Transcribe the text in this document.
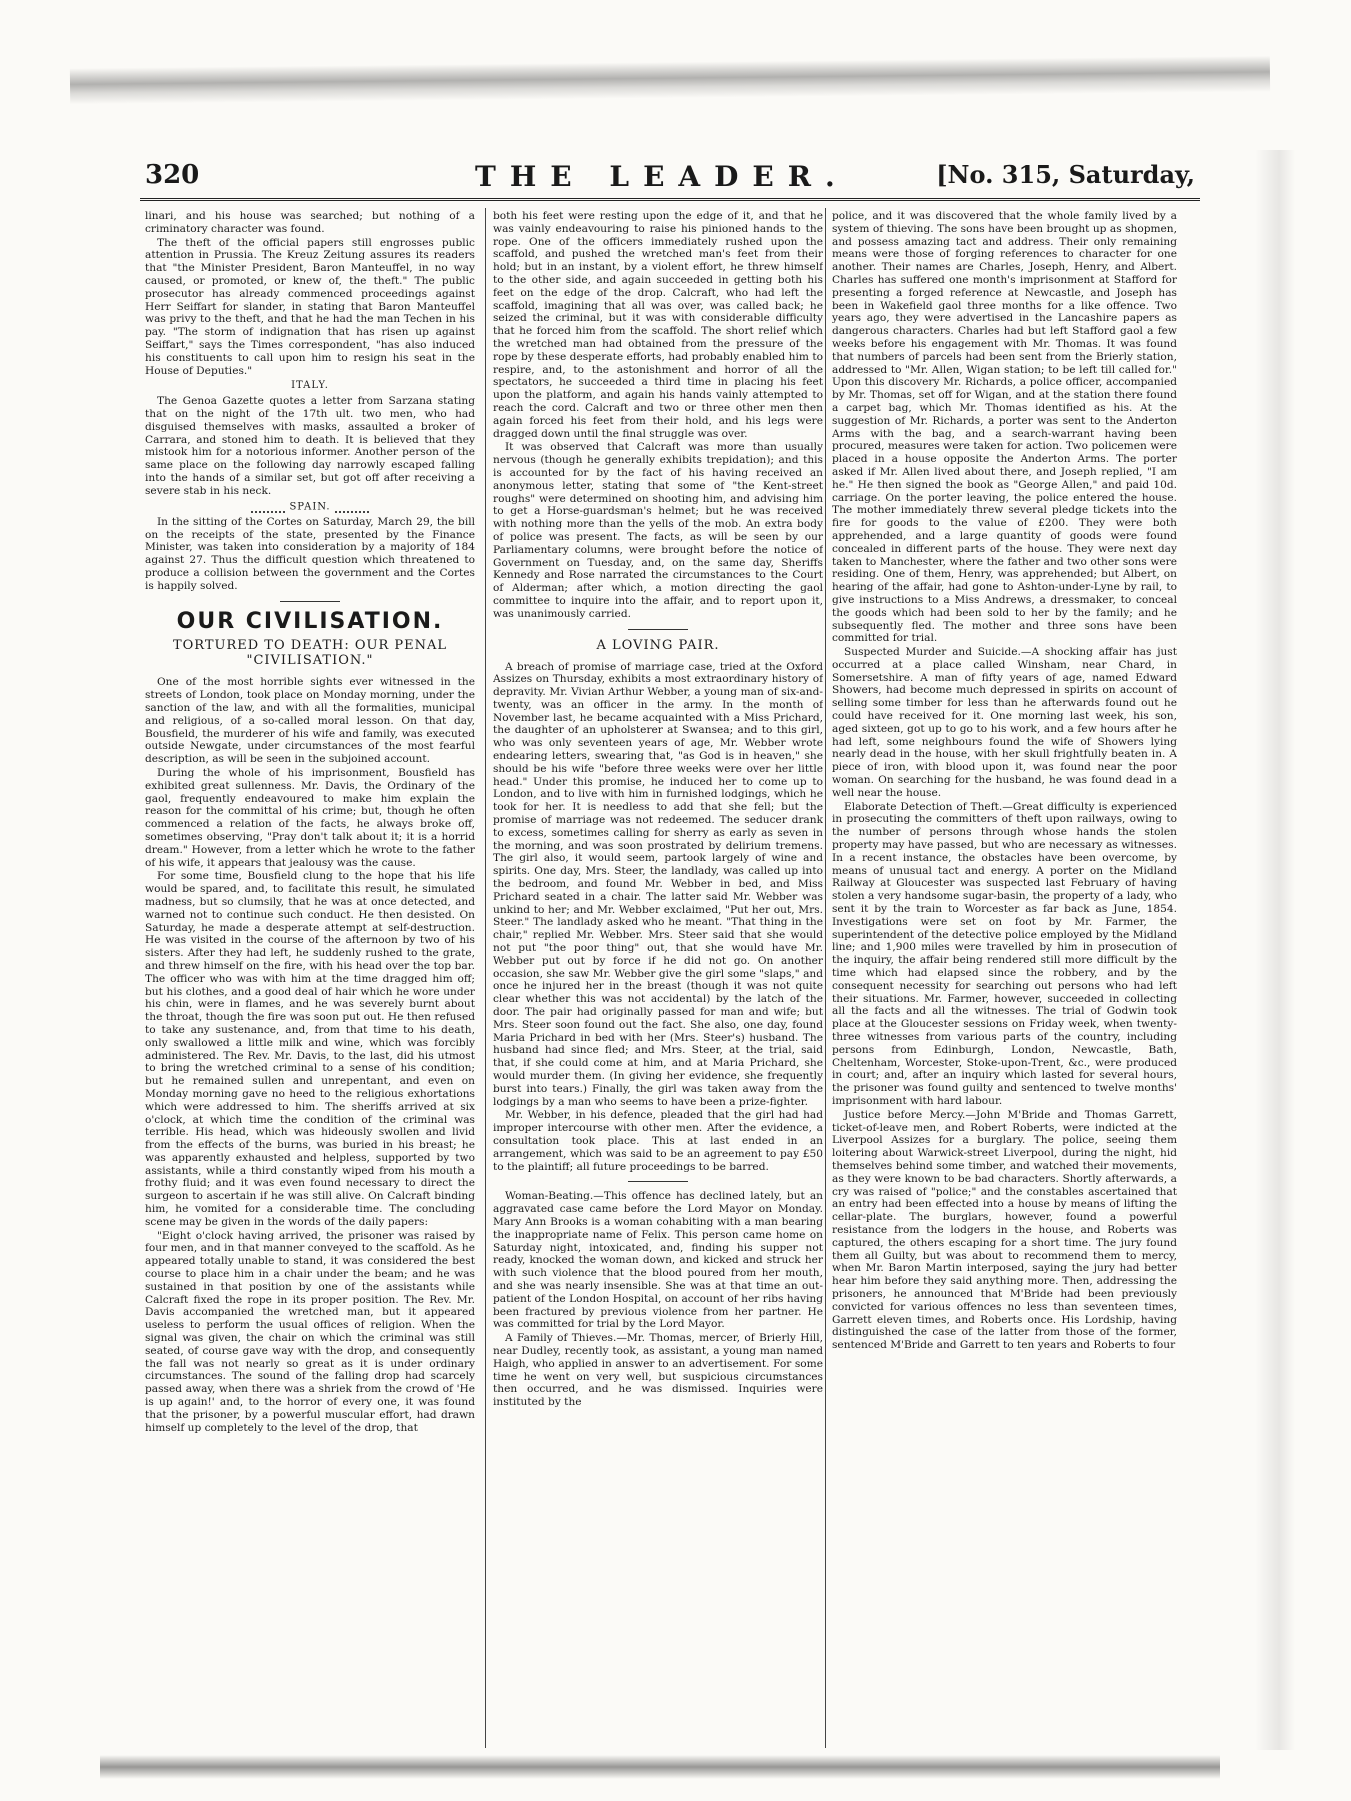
320	THE LEADER.	[No. 315, Saturday,

linari, and his house was searched; but nothing of a criminatory character was found.

The theft of the official papers still engrosses public attention in Prussia. The Kreuz Zeitung assures its readers that "the Minister President, Baron Manteuffel, in no way caused, or promoted, or knew of, the theft." The public prosecutor has already commenced proceedings against Herr Seiffart for slander, in stating that Baron Manteuffel was privy to the theft, and that he had the man Techen in his pay. "The storm of indignation that has risen up against Seiffart," says the Times correspondent, "has also induced his constituents to call upon him to resign his seat in the House of Deputies."

ITALY.

The Genoa Gazette quotes a letter from Sarzana stating that on the night of the 17th ult. two men, who had disguised themselves with masks, assaulted a broker of Carrara, and stoned him to death. It is believed that they mistook him for a notorious informer. Another person of the same place on the following day narrowly escaped falling into the hands of a similar set, but got off after receiving a severe stab in his neck.

SPAIN.

In the sitting of the Cortes on Saturday, March 29, the bill on the receipts of the state, presented by the Finance Minister, was taken into consideration by a majority of 184 against 27. Thus the difficult question which threatened to produce a collision between the government and the Cortes is happily solved.

OUR CIVILISATION.
TORTURED TO DEATH: OUR PENAL "CIVILISATION."

One of the most horrible sights ever witnessed in the streets of London, took place on Monday morning, under the sanction of the law, and with all the formalities, municipal and religious, of a so-called moral lesson. On that day, Bousfield, the murderer of his wife and family, was executed outside Newgate, under circumstances of the most fearful description, as will be seen in the subjoined account.

During the whole of his imprisonment, Bousfield has exhibited great sullenness. Mr. Davis, the Ordinary of the gaol, frequently endeavoured to make him explain the reason for the committal of his crime; but, though he often commenced a relation of the facts, he always broke off, sometimes observing, "Pray don't talk about it; it is a horrid dream." However, from a letter which he wrote to the father of his wife, it appears that jealousy was the cause.

For some time, Bousfield clung to the hope that his life would be spared, and, to facilitate this result, he simulated madness, but so clumsily, that he was at once detected, and warned not to continue such conduct. He then desisted. On Saturday, he made a desperate attempt at self-destruction. He was visited in the course of the afternoon by two of his sisters. After they had left, he suddenly rushed to the grate, and threw himself on the fire, with his head over the top bar. The officer who was with him at the time dragged him off; but his clothes, and a good deal of hair which he wore under his chin, were in flames, and he was severely burnt about the throat, though the fire was soon put out. He then refused to take any sustenance, and, from that time to his death, only swallowed a little milk and wine, which was forcibly administered. The Rev. Mr. Davis, to the last, did his utmost to bring the wretched criminal to a sense of his condition; but he remained sullen and unrepentant, and even on Monday morning gave no heed to the religious exhortations which were addressed to him. The sheriffs arrived at six o'clock, at which time the condition of the criminal was terrible. His head, which was hideously swollen and livid from the effects of the burns, was buried in his breast; he was apparently exhausted and helpless, supported by two assistants, while a third constantly wiped from his mouth a frothy fluid; and it was even found necessary to direct the surgeon to ascertain if he was still alive. On Calcraft binding him, he vomited for a considerable time. The concluding scene may be given in the words of the daily papers:

"Eight o'clock having arrived, the prisoner was raised by four men, and in that manner conveyed to the scaffold. As he appeared totally unable to stand, it was considered the best course to place him in a chair under the beam; and he was sustained in that position by one of the assistants while Calcraft fixed the rope in its proper position. The Rev. Mr. Davis accompanied the wretched man, but it appeared useless to perform the usual offices of religion. When the signal was given, the chair on which the criminal was still seated, of course gave way with the drop, and consequently the fall was not nearly so great as it is under ordinary circumstances. The sound of the falling drop had scarcely passed away, when there was a shriek from the crowd of 'He is up again!' and, to the horror of every one, it was found that the prisoner, by a powerful muscular effort, had drawn himself up completely to the level of the drop, that

both his feet were resting upon the edge of it, and that he was vainly endeavouring to raise his pinioned hands to the rope. One of the officers immediately rushed upon the scaffold, and pushed the wretched man's feet from their hold; but in an instant, by a violent effort, he threw himself to the other side, and again succeeded in getting both his feet on the edge of the drop. Calcraft, who had left the scaffold, imagining that all was over, was called back; he seized the criminal, but it was with considerable difficulty that he forced him from the scaffold. The short relief which the wretched man had obtained from the pressure of the rope by these desperate efforts, had probably enabled him to respire, and, to the astonishment and horror of all the spectators, he succeeded a third time in placing his feet upon the platform, and again his hands vainly attempted to reach the cord. Calcraft and two or three other men then again forced his feet from their hold, and his legs were dragged down until the final struggle was over.

It was observed that Calcraft was more than usually nervous (though he generally exhibits trepidation); and this is accounted for by the fact of his having received an anonymous letter, stating that some of "the Kent-street roughs" were determined on shooting him, and advising him to get a Horse-guardsman's helmet; but he was received with nothing more than the yells of the mob. An extra body of police was present. The facts, as will be seen by our Parliamentary columns, were brought before the notice of Government on Tuesday, and, on the same day, Sheriffs Kennedy and Rose narrated the circumstances to the Court of Alderman; after which, a motion directing the gaol committee to inquire into the affair, and to report upon it, was unanimously carried.

A LOVING PAIR.

A breach of promise of marriage case, tried at the Oxford Assizes on Thursday, exhibits a most extraordinary history of depravity. Mr. Vivian Arthur Webber, a young man of six-and-twenty, was an officer in the army. In the month of November last, he became acquainted with a Miss Prichard, the daughter of an upholsterer at Swansea; and to this girl, who was only seventeen years of age, Mr. Webber wrote endearing letters, swearing that, "as God is in heaven," she should be his wife "before three weeks were over her little head." Under this promise, he induced her to come up to London, and to live with him in furnished lodgings, which he took for her. It is needless to add that she fell; but the promise of marriage was not redeemed. The seducer drank to excess, sometimes calling for sherry as early as seven in the morning, and was soon prostrated by delirium tremens. The girl also, it would seem, partook largely of wine and spirits. One day, Mrs. Steer, the landlady, was called up into the bedroom, and found Mr. Webber in bed, and Miss Prichard seated in a chair. The latter said Mr. Webber was unkind to her; and Mr. Webber exclaimed, "Put her out, Mrs. Steer." The landlady asked who he meant. "That thing in the chair," replied Mr. Webber. Mrs. Steer said that she would not put "the poor thing" out, that she would have Mr. Webber put out by force if he did not go. On another occasion, she saw Mr. Webber give the girl some "slaps," and once he injured her in the breast (though it was not quite clear whether this was not accidental) by the latch of the door. The pair had originally passed for man and wife; but Mrs. Steer soon found out the fact. She also, one day, found Maria Prichard in bed with her (Mrs. Steer's) husband. The husband had since fled; and Mrs. Steer, at the trial, said that, if she could come at him, and at Maria Prichard, she would murder them. (In giving her evidence, she frequently burst into tears.) Finally, the girl was taken away from the lodgings by a man who seems to have been a prize-fighter.

Mr. Webber, in his defence, pleaded that the girl had had improper intercourse with other men. After the evidence, a consultation took place. This at last ended in an arrangement, which was said to be an agreement to pay £50 to the plaintiff; all future proceedings to be barred.

Woman-Beating.—This offence has declined lately, but an aggravated case came before the Lord Mayor on Monday. Mary Ann Brooks is a woman cohabiting with a man bearing the inappropriate name of Felix. This person came home on Saturday night, intoxicated, and, finding his supper not ready, knocked the woman down, and kicked and struck her with such violence that the blood poured from her mouth, and she was nearly insensible. She was at that time an out-patient of the London Hospital, on account of her ribs having been fractured by previous violence from her partner. He was committed for trial by the Lord Mayor.

A Family of Thieves.—Mr. Thomas, mercer, of Brierly Hill, near Dudley, recently took, as assistant, a young man named Haigh, who applied in answer to an advertisement. For some time he went on very well, but suspicious circumstances then occurred, and he was dismissed. Inquiries were instituted by the

police, and it was discovered that the whole family lived by a system of thieving. The sons have been brought up as shopmen, and possess amazing tact and address. Their only remaining means were those of forging references to character for one another. Their names are Charles, Joseph, Henry, and Albert. Charles has suffered one month's imprisonment at Stafford for presenting a forged reference at Newcastle, and Joseph has been in Wakefield gaol three months for a like offence. Two years ago, they were advertised in the Lancashire papers as dangerous characters. Charles had but left Stafford gaol a few weeks before his engagement with Mr. Thomas. It was found that numbers of parcels had been sent from the Brierly station, addressed to "Mr. Allen, Wigan station; to be left till called for." Upon this discovery Mr. Richards, a police officer, accompanied by Mr. Thomas, set off for Wigan, and at the station there found a carpet bag, which Mr. Thomas identified as his. At the suggestion of Mr. Richards, a porter was sent to the Anderton Arms with the bag, and a search-warrant having been procured, measures were taken for action. Two policemen were placed in a house opposite the Anderton Arms. The porter asked if Mr. Allen lived about there, and Joseph replied, "I am he." He then signed the book as "George Allen," and paid 10d. carriage. On the porter leaving, the police entered the house. The mother immediately threw several pledge tickets into the fire for goods to the value of £200. They were both apprehended, and a large quantity of goods were found concealed in different parts of the house. They were next day taken to Manchester, where the father and two other sons were residing. One of them, Henry, was apprehended; but Albert, on hearing of the affair, had gone to Ashton-under-Lyne by rail, to give instructions to a Miss Andrews, a dressmaker, to conceal the goods which had been sold to her by the family; and he subsequently fled. The mother and three sons have been committed for trial.

Suspected Murder and Suicide.—A shocking affair has just occurred at a place called Winsham, near Chard, in Somersetshire. A man of fifty years of age, named Edward Showers, had become much depressed in spirits on account of selling some timber for less than he afterwards found out he could have received for it. One morning last week, his son, aged sixteen, got up to go to his work, and a few hours after he had left, some neighbours found the wife of Showers lying nearly dead in the house, with her skull frightfully beaten in. A piece of iron, with blood upon it, was found near the poor woman. On searching for the husband, he was found dead in a well near the house.

Elaborate Detection of Theft.—Great difficulty is experienced in prosecuting the committers of theft upon railways, owing to the number of persons through whose hands the stolen property may have passed, but who are necessary as witnesses. In a recent instance, the obstacles have been overcome, by means of unusual tact and energy. A porter on the Midland Railway at Gloucester was suspected last February of having stolen a very handsome sugar-basin, the property of a lady, who sent it by the train to Worcester as far back as June, 1854. Investigations were set on foot by Mr. Farmer, the superintendent of the detective police employed by the Midland line; and 1,900 miles were travelled by him in prosecution of the inquiry, the affair being rendered still more difficult by the time which had elapsed since the robbery, and by the consequent necessity for searching out persons who had left their situations. Mr. Farmer, however, succeeded in collecting all the facts and all the witnesses. The trial of Godwin took place at the Gloucester sessions on Friday week, when twenty-three witnesses from various parts of the country, including persons from Edinburgh, London, Newcastle, Bath, Cheltenham, Worcester, Stoke-upon-Trent, &c., were produced in court; and, after an inquiry which lasted for several hours, the prisoner was found guilty and sentenced to twelve months' imprisonment with hard labour.

Justice before Mercy.—John M'Bride and Thomas Garrett, ticket-of-leave men, and Robert Roberts, were indicted at the Liverpool Assizes for a burglary. The police, seeing them loitering about Warwick-street Liverpool, during the night, hid themselves behind some timber, and watched their movements, as they were known to be bad characters. Shortly afterwards, a cry was raised of "police;" and the constables ascertained that an entry had been effected into a house by means of lifting the cellar-plate. The burglars, however, found a powerful resistance from the lodgers in the house, and Roberts was captured, the others escaping for a short time. The jury found them all Guilty, but was about to recommend them to mercy, when Mr. Baron Martin interposed, saying the jury had better hear him before they said anything more. Then, addressing the prisoners, he announced that M'Bride had been previously convicted for various offences no less than seventeen times, Garrett eleven times, and Roberts once. His Lordship, having distinguished the case of the latter from those of the former, sentenced M'Bride and Garrett to ten years and Roberts to four
